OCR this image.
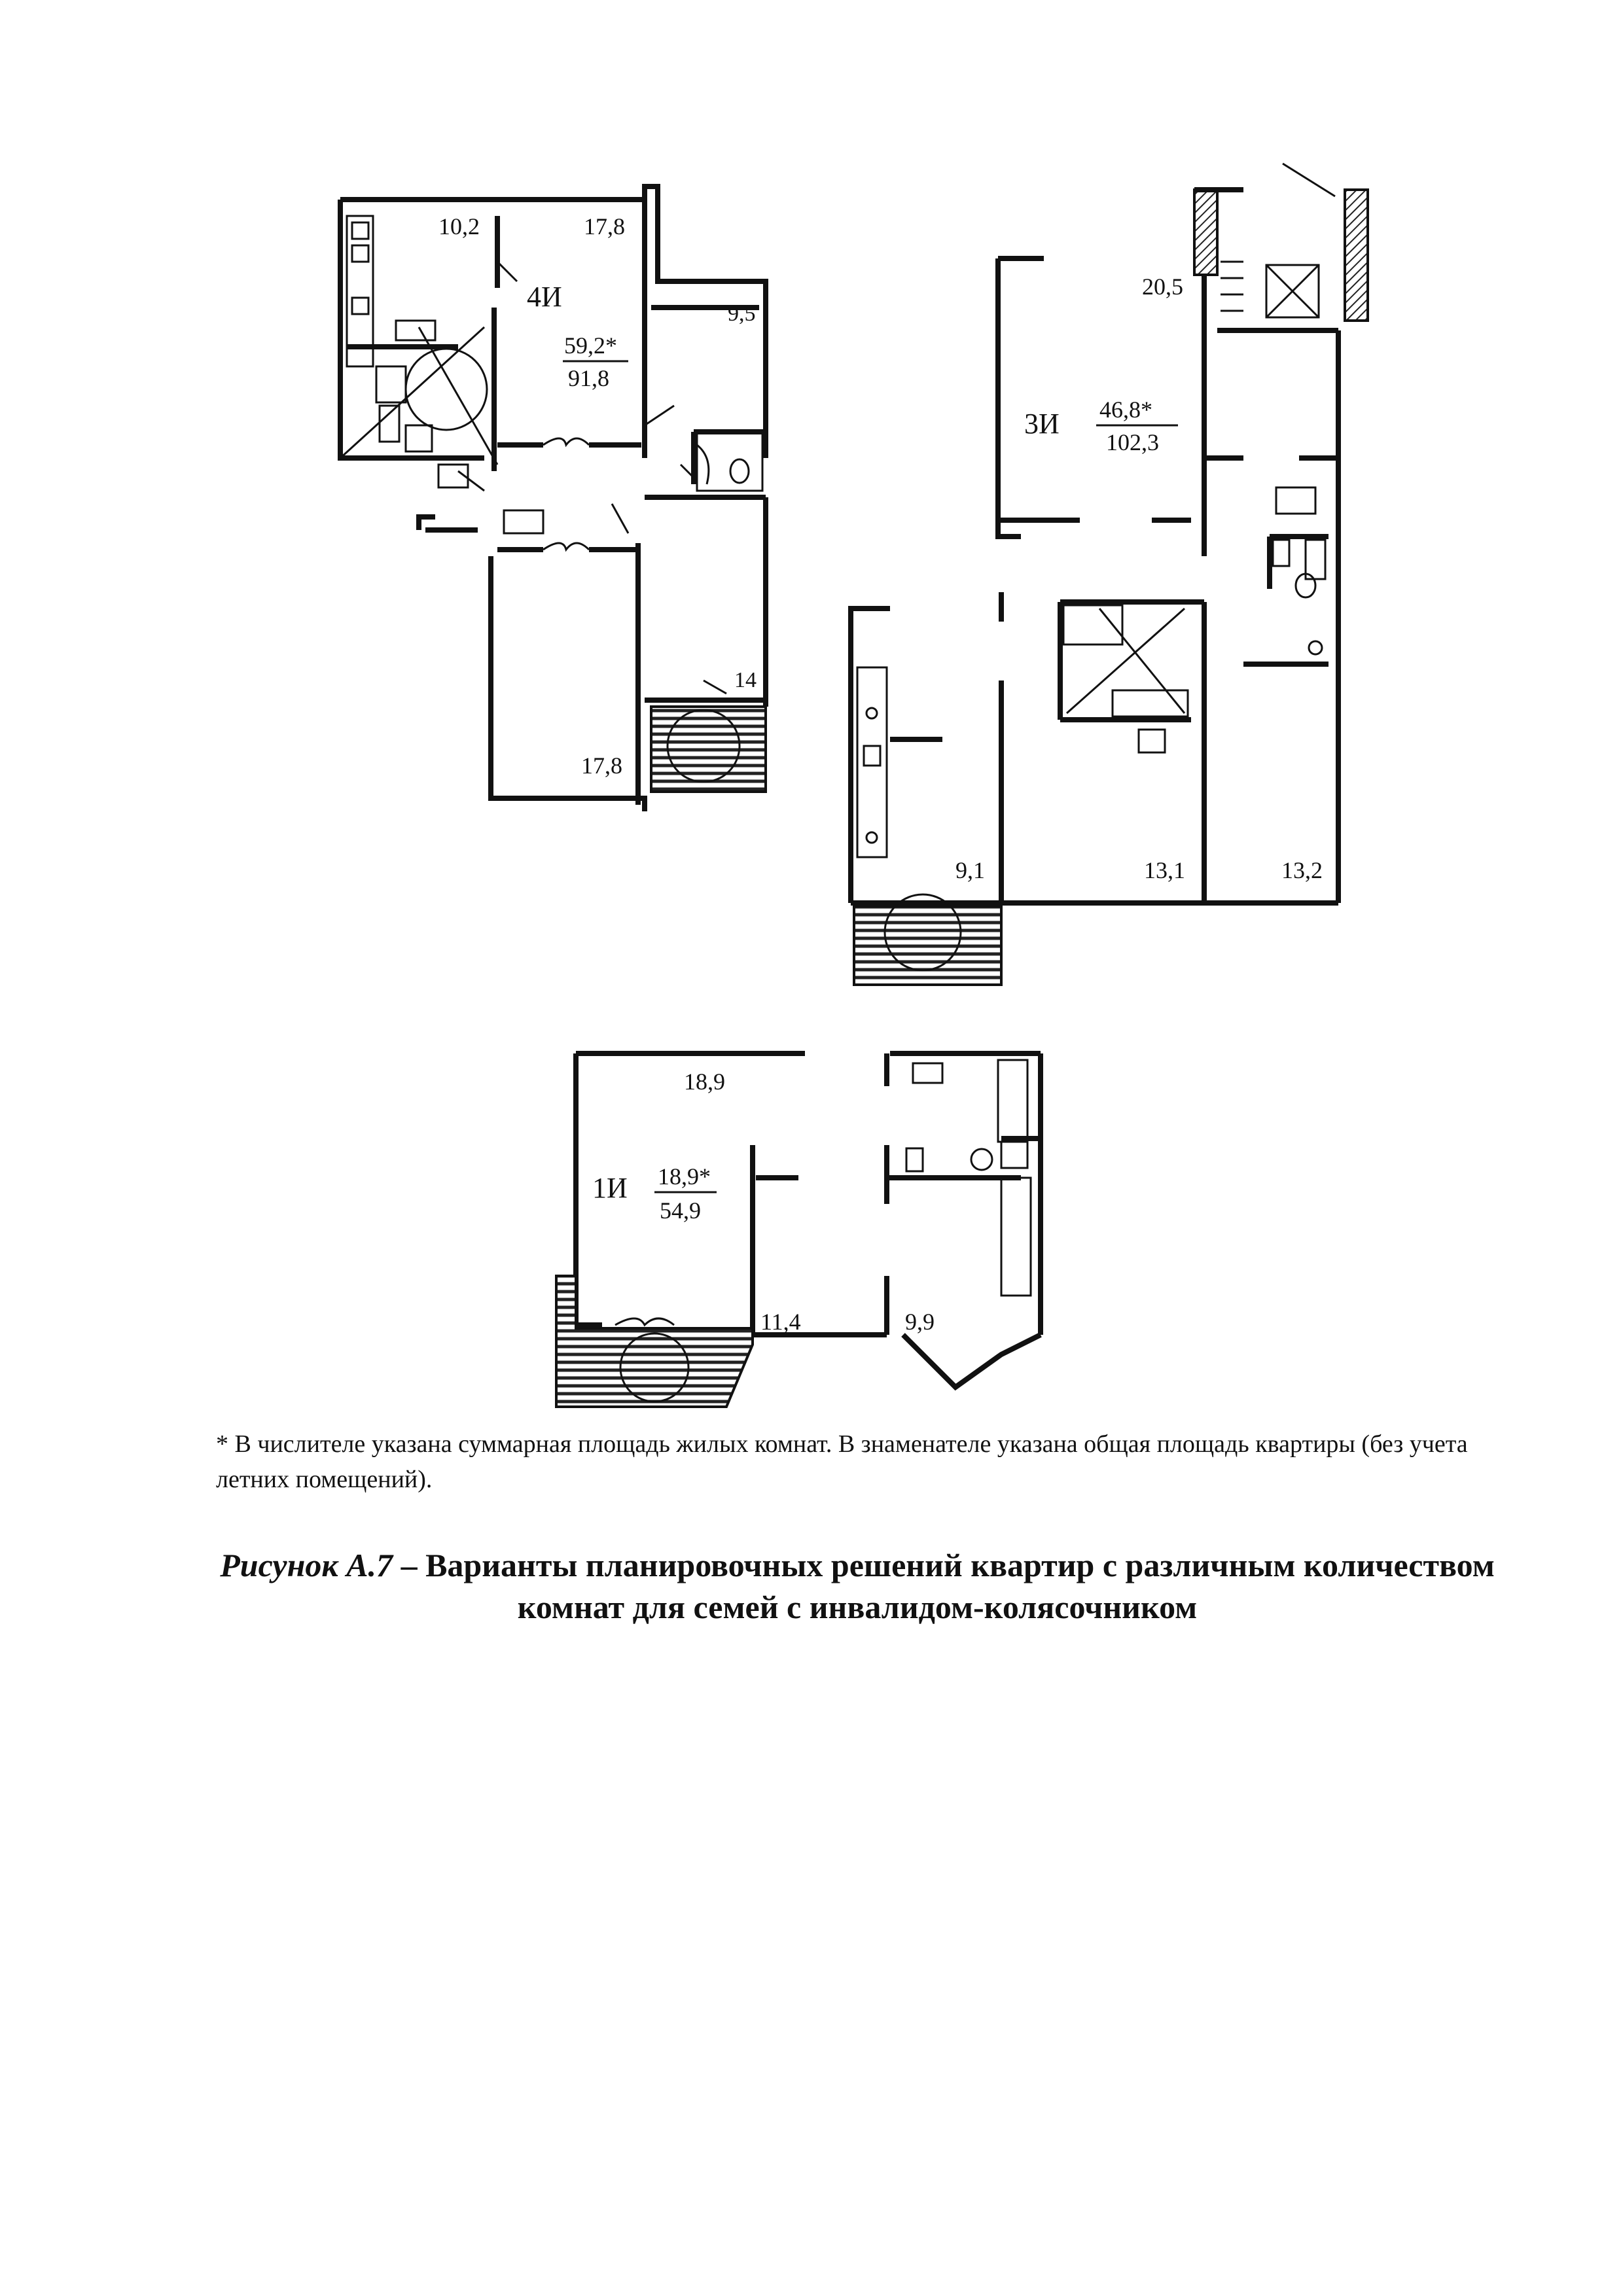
10,2	17,8
4И
59,2*
91,8
9,5
14
17,8
20,5
3И 46,8*
102,3
9,1	13,1	13,2
18,9
1И 18,9*
54,9
11,4	9,9

* В числителе указана суммарная площадь жилых комнат. В знаменателе указана общая площадь квартиры (без учета летних помещений).

Рисунок А.7 – Варианты планировочных решений квартир с различным количеством комнат для семей с инвалидом-колясочником
